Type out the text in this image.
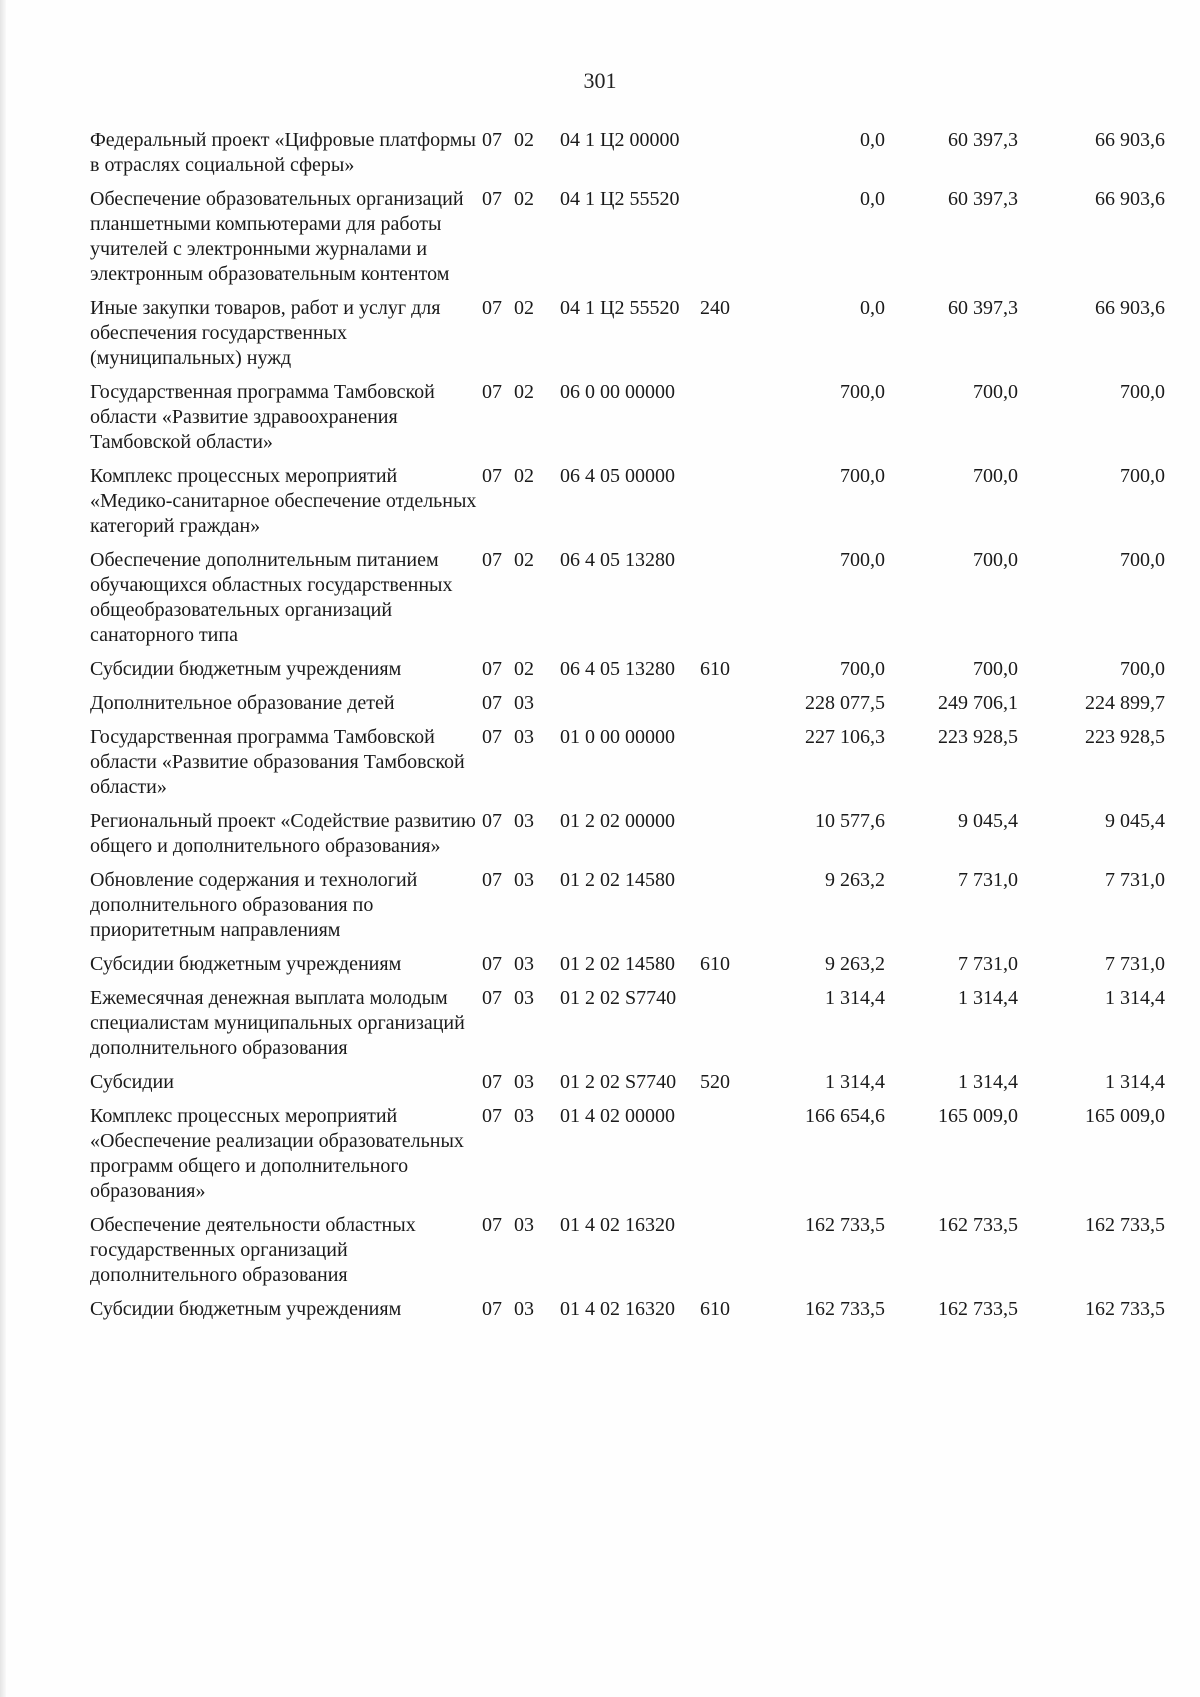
301
Федеральный проект «Цифровые платформы в отраслях социальной сферы»	07	02	04 1 Ц2 00000		0,0	60 397,3	66 903,6
Обеспечение образовательных организаций планшетными компьютерами для работы учителей с электронными журналами и электронным образовательным контентом	07	02	04 1 Ц2 55520		0,0	60 397,3	66 903,6
Иные закупки товаров, работ и услуг для обеспечения государственных (муниципальных) нужд	07	02	04 1 Ц2 55520	240	0,0	60 397,3	66 903,6
Государственная программа Тамбовской области «Развитие здравоохранения Тамбовской области»	07	02	06 0 00 00000		700,0	700,0	700,0
Комплекс процессных мероприятий «Медико-санитарное обеспечение отдельных категорий граждан»	07	02	06 4 05 00000		700,0	700,0	700,0
Обеспечение дополнительным питанием обучающихся областных государственных общеобразовательных организаций санаторного типа	07	02	06 4 05 13280		700,0	700,0	700,0
Субсидии бюджетным учреждениям	07	02	06 4 05 13280	610	700,0	700,0	700,0
Дополнительное образование детей	07	03			228 077,5	249 706,1	224 899,7
Государственная программа Тамбовской области «Развитие образования Тамбовской области»	07	03	01 0 00 00000		227 106,3	223 928,5	223 928,5
Региональный проект «Содействие развитию общего и дополнительного образования»	07	03	01 2 02 00000		10 577,6	9 045,4	9 045,4
Обновление содержания и технологий дополнительного образования по приоритетным направлениям	07	03	01 2 02 14580		9 263,2	7 731,0	7 731,0
Субсидии бюджетным учреждениям	07	03	01 2 02 14580	610	9 263,2	7 731,0	7 731,0
Ежемесячная денежная выплата молодым специалистам муниципальных организаций дополнительного образования	07	03	01 2 02 S7740		1 314,4	1 314,4	1 314,4
Субсидии	07	03	01 2 02 S7740	520	1 314,4	1 314,4	1 314,4
Комплекс процессных мероприятий «Обеспечение реализации образовательных программ общего и дополнительного образования»	07	03	01 4 02 00000		166 654,6	165 009,0	165 009,0
Обеспечение деятельности областных государственных организаций дополнительного образования	07	03	01 4 02 16320		162 733,5	162 733,5	162 733,5
Субсидии бюджетным учреждениям	07	03	01 4 02 16320	610	162 733,5	162 733,5	162 733,5
